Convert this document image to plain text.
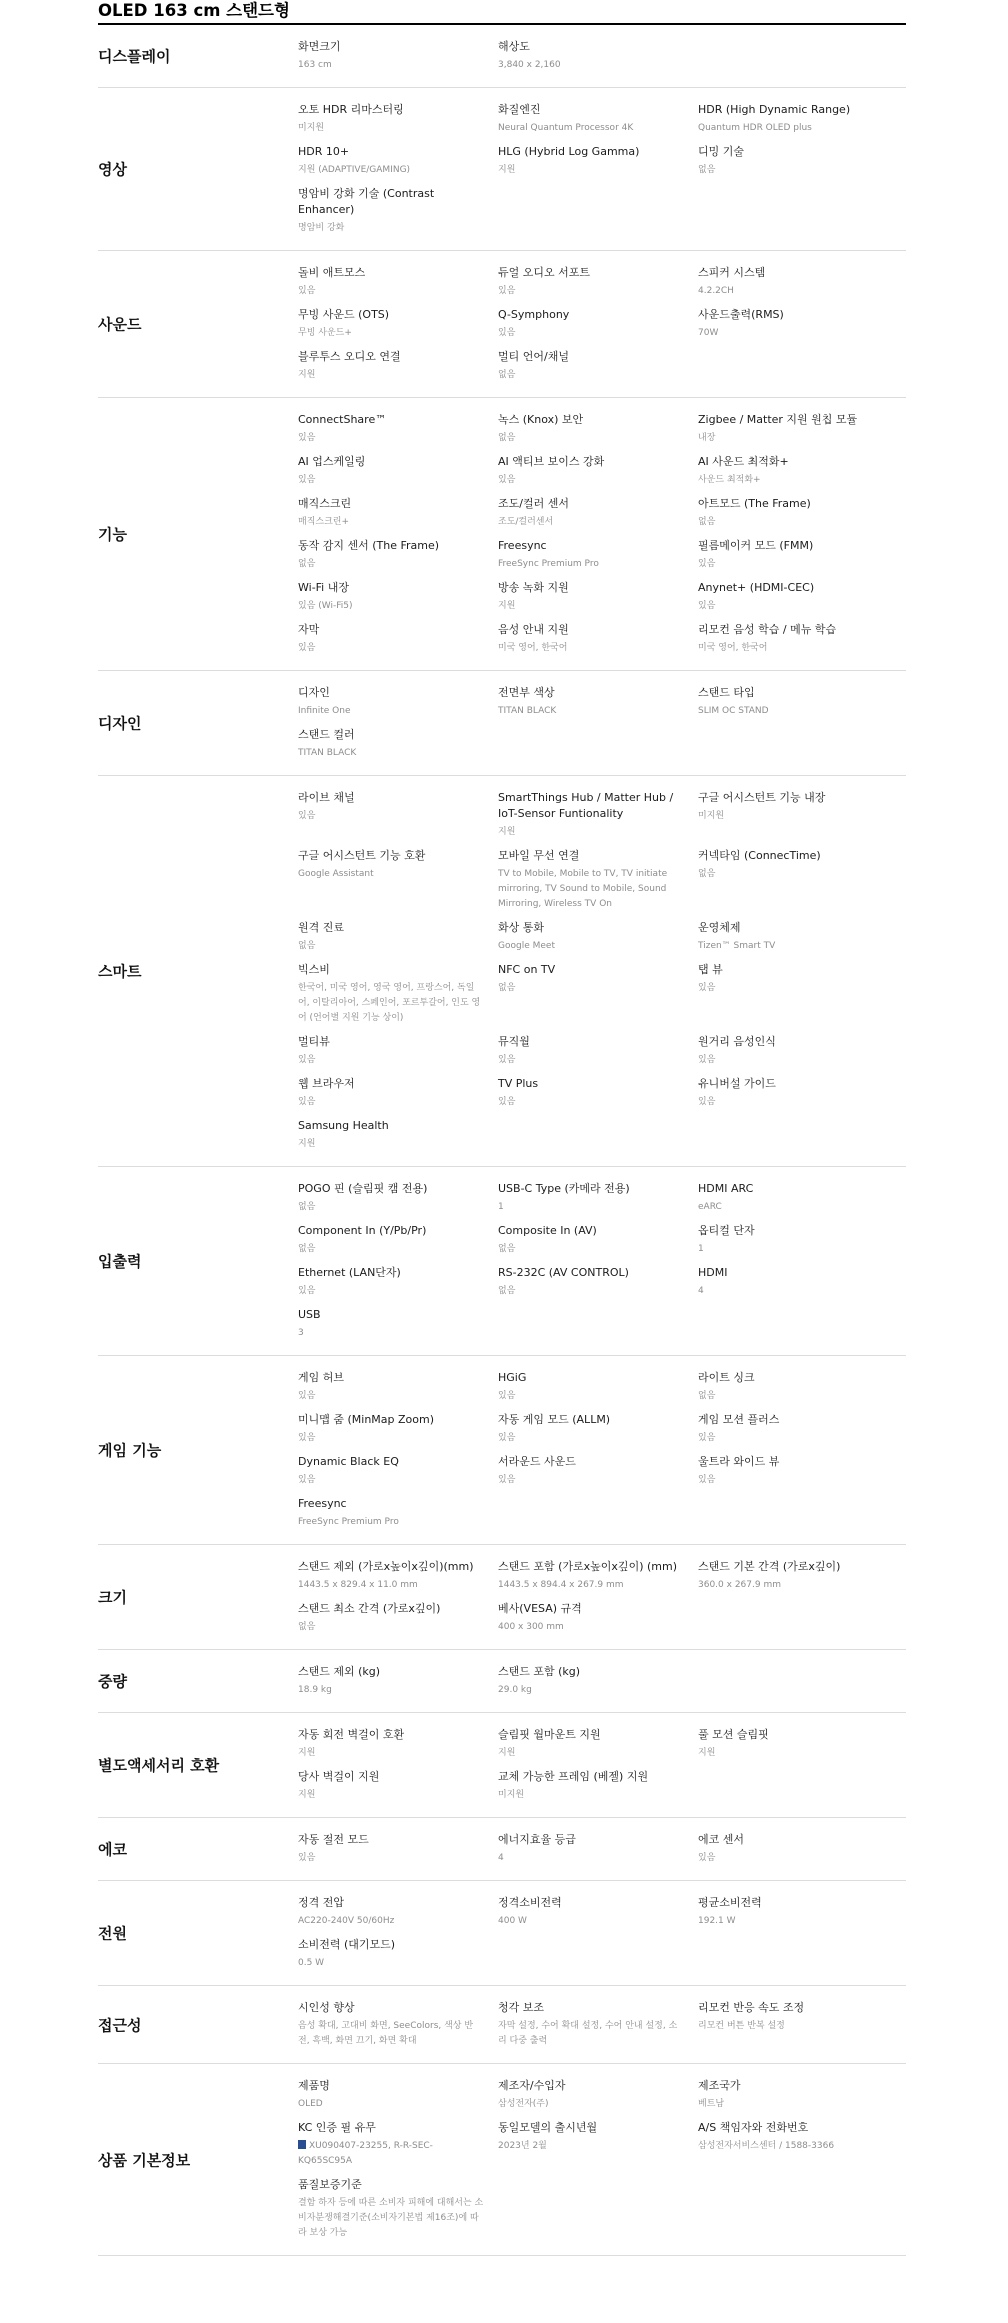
OLED 163 cm 스탠드형
디스플레이
화면크기
163 cm
해상도
3,840 x 2,160
영상
오토 HDR 리마스터링
미지원
화질엔진
Neural Quantum Processor 4K
HDR (High Dynamic Range)
Quantum HDR OLED plus
HDR 10+
지원 (ADAPTIVE/GAMING)
HLG (Hybrid Log Gamma)
지원
디밍 기술
없음
명암비 강화 기술 (Contrast Enhancer)
명암비 강화
사운드
돌비 애트모스
있음
듀얼 오디오 서포트
있음
스피커 시스템
4.2.2CH
무빙 사운드 (OTS)
무빙 사운드+
Q-Symphony
있음
사운드출력(RMS)
70W
블루투스 오디오 연결
지원
멀티 언어/채널
없음
기능
ConnectShare™
있음
녹스 (Knox) 보안
없음
Zigbee / Matter 지원 원칩 모듈
내장
AI 업스케일링
있음
AI 액티브 보이스 강화
있음
AI 사운드 최적화+
사운드 최적화+
매직스크린
매직스크린+
조도/컬러 센서
조도/컬러센서
아트모드 (The Frame)
없음
동작 감지 센서 (The Frame)
없음
Freesync
FreeSync Premium Pro
필름메이커 모드 (FMM)
있음
Wi-Fi 내장
있음 (Wi-Fi5)
방송 녹화 지원
지원
Anynet+ (HDMI-CEC)
있음
자막
있음
음성 안내 지원
미국 영어, 한국어
리모컨 음성 학습 / 메뉴 학습
미국 영어, 한국어
디자인
디자인
Infinite One
전면부 색상
TITAN BLACK
스탠드 타입
SLIM OC STAND
스탠드 컬러
TITAN BLACK
스마트
라이브 채널
있음
SmartThings Hub / Matter Hub / IoT-Sensor Funtionality
지원
구글 어시스턴트 기능 내장
미지원
구글 어시스턴트 기능 호환
Google Assistant
모바일 무선 연결
TV to Mobile, Mobile to TV, TV initiate mirroring, TV Sound to Mobile, Sound Mirroring, Wireless TV On
커넥타임 (ConnecTime)
없음
원격 진료
없음
화상 통화
Google Meet
운영체제
Tizen™ Smart TV
빅스비
한국어, 미국 영어, 영국 영어, 프랑스어, 독일어, 이탈리아어, 스페인어, 포르투갈어, 인도 영어 (언어별 지원 기능 상이)
NFC on TV
없음
탭 뷰
있음
멀티뷰
있음
뮤직월
있음
원거리 음성인식
있음
웹 브라우저
있음
TV Plus
있음
유니버설 가이드
있음
Samsung Health
지원
입출력
POGO 핀 (슬림핏 캠 전용)
없음
USB-C Type (카메라 전용)
1
HDMI ARC
eARC
Component In (Y/Pb/Pr)
없음
Composite In (AV)
없음
옵티컬 단자
1
Ethernet (LAN단자)
있음
RS-232C (AV CONTROL)
없음
HDMI
4
USB
3
게임 기능
게임 허브
있음
HGiG
있음
라이트 싱크
없음
미니맵 줌 (MinMap Zoom)
있음
자동 게임 모드 (ALLM)
있음
게임 모션 플러스
있음
Dynamic Black EQ
있음
서라운드 사운드
있음
울트라 와이드 뷰
있음
Freesync
FreeSync Premium Pro
크기
스탠드 제외 (가로x높이x깊이)(mm)
1443.5 x 829.4 x 11.0 mm
스탠드 포함 (가로x높이x깊이) (mm)
1443.5 x 894.4 x 267.9 mm
스탠드 기본 간격 (가로x깊이)
360.0 x 267.9 mm
스탠드 최소 간격 (가로x깊이)
없음
베사(VESA) 규격
400 x 300 mm
중량
스탠드 제외 (kg)
18.9 kg
스탠드 포함 (kg)
29.0 kg
별도액세서리 호환
자동 회전 벽걸이 호환
지원
슬림핏 월마운트 지원
지원
풀 모션 슬림핏
지원
당사 벽걸이 지원
지원
교체 가능한 프레임 (베젤) 지원
미지원
에코
자동 절전 모드
있음
에너지효율 등급
4
에코 센서
있음
전원
정격 전압
AC220-240V 50/60Hz
정격소비전력
400 W
평균소비전력
192.1 W
소비전력 (대기모드)
0.5 W
접근성
시인성 향상
음성 확대, 고대비 화면, SeeColors, 색상 반전, 흑백, 화면 끄기, 화면 확대
청각 보조
자막 설정, 수어 확대 설정, 수어 안내 설정, 소리 다중 출력
리모컨 반응 속도 조정
리모컨 버튼 반복 설정
상품 기본정보
제품명
OLED
제조자/수입자
삼성전자(주)
제조국가
베트남
KC 인증 필 유무
XU090407-23255, R-R-SEC-KQ65SC95A
동일모델의 출시년월
2023년 2월
A/S 책임자와 전화번호
삼성전자서비스센터 / 1588-3366
품질보증기준
결함 하자 등에 따른 소비자 피해에 대해서는 소비자분쟁해결기준(소비자기본법 제16조)에 따라 보상 가능
